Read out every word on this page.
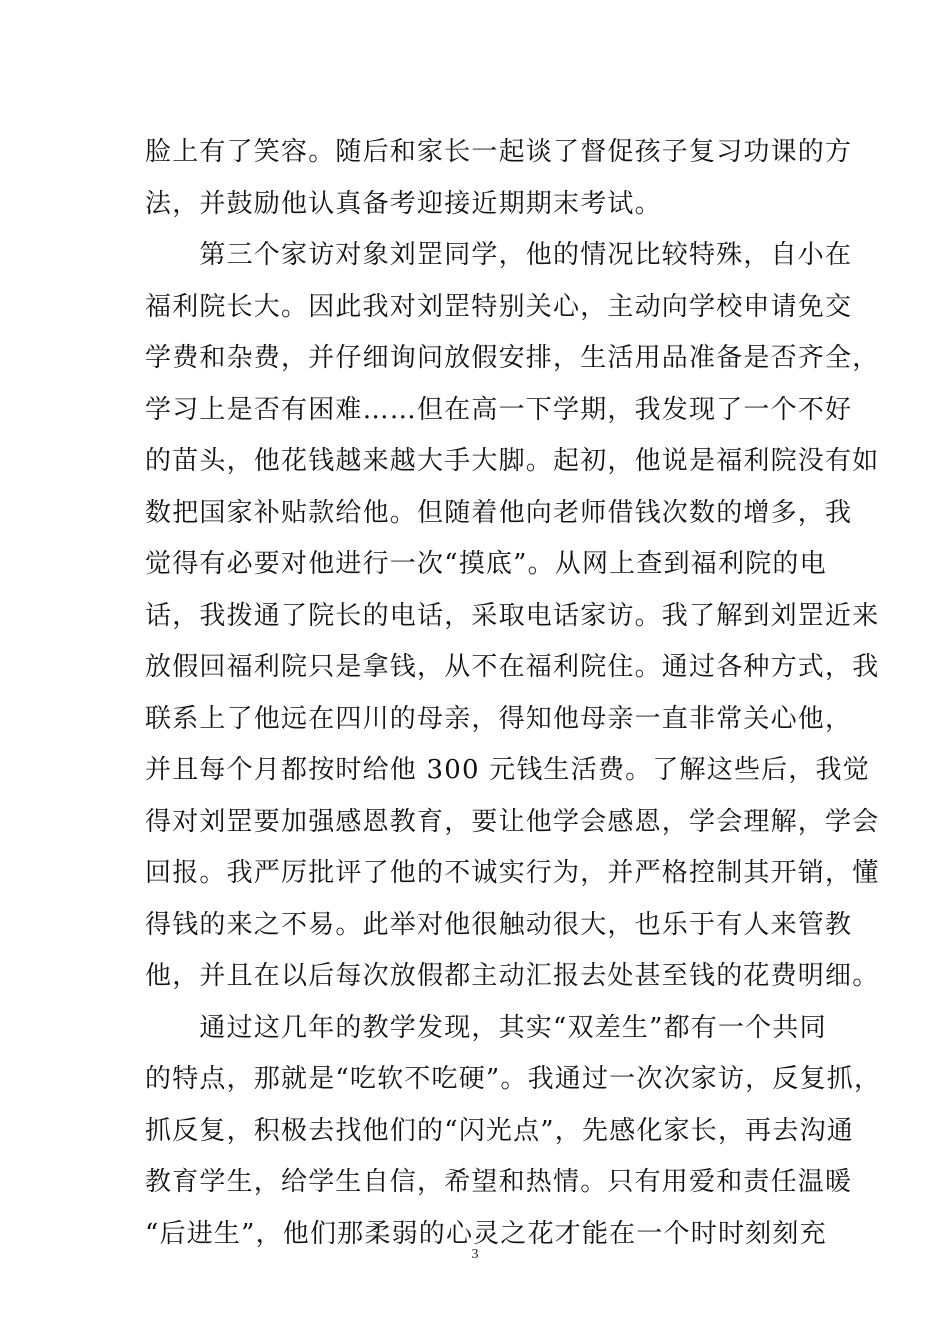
脸上有了笑容。随后和家长一起谈了督促孩子复习功课的方
法，并鼓励他认真备考迎接近期期末考试。
　　第三个家访对象刘罡同学，他的情况比较特殊，自小在
福利院长大。因此我对刘罡特别关心，主动向学校申请免交
学费和杂费，并仔细询问放假安排，生活用品准备是否齐全，
学习上是否有困难……但在高一下学期，我发现了一个不好
的苗头，他花钱越来越大手大脚。起初，他说是福利院没有如
数把国家补贴款给他。但随着他向老师借钱次数的增多，我
觉得有必要对他进行一次“摸底”。从网上查到福利院的电
话，我拨通了院长的电话，采取电话家访。我了解到刘罡近来
放假回福利院只是拿钱，从不在福利院住。通过各种方式，我
联系上了他远在四川的母亲，得知他母亲一直非常关心他，
并且每个月都按时给他 300 元钱生活费。了解这些后，我觉
得对刘罡要加强感恩教育，要让他学会感恩，学会理解，学会
回报。我严厉批评了他的不诚实行为，并严格控制其开销，懂
得钱的来之不易。此举对他很触动很大，也乐于有人来管教
他，并且在以后每次放假都主动汇报去处甚至钱的花费明细。
　　通过这几年的教学发现，其实“双差生”都有一个共同
的特点，那就是“吃软不吃硬”。我通过一次次家访，反复抓，
抓反复，积极去找他们的“闪光点”，先感化家长，再去沟通
教育学生，给学生自信，希望和热情。只有用爱和责任温暖
“后进生”，他们那柔弱的心灵之花才能在一个时时刻刻充
3
